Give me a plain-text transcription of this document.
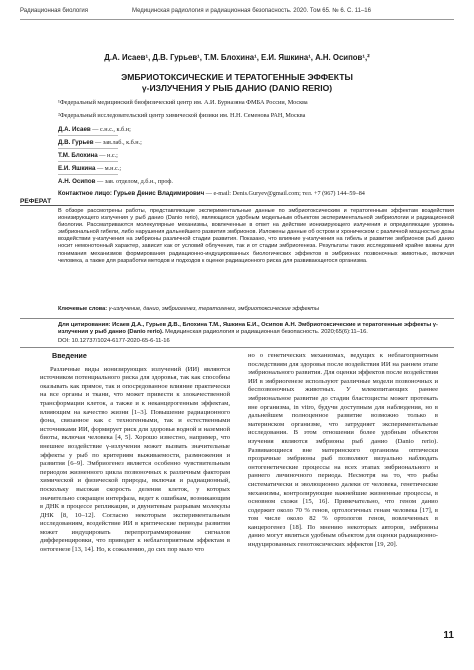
Радиационная биология	Медицинская радиология и радиационная безопасность. 2020. Том 65. № 6. С. 11–16
Д.А. Исаев¹, Д.В. Гурьев¹, Т.М. Блохина¹, Е.И. Яшкина¹, А.Н. Осипов¹,²
ЭМБРИОТОКСИЧЕСКИЕ И ТЕРАТОГЕННЫЕ ЭФФЕКТЫ
γ-ИЗЛУЧЕНИЯ У РЫБ ДАНИО (DANIO RERIO)
¹Федеральный медицинский биофизический центр им. А.И. Бурназяна ФМБА России, Москва
²Федеральный исследовательский центр химической физики им. Н.Н. Семенова РАН, Москва
Д.А. Исаев — с.н.с., к.б.н;
Д.В. Гурьев — зав.лаб., к.б.н.;
Т.М. Блохина — н.с.;
Е.И. Яшкина — м.н.с.;
А.Н. Осипов — зав. отделом, д.б.н., проф.
Контактное лицо: Гурьев Денис Владимирович — e-mail: Denis.Guryev@gmail.com; тел. +7 (967) 144–59–84
РЕФЕРАТ
В обзоре рассмотрены работы, представляющие экспериментальные данные по эмбриотоксическим и тератогенным эффектам воздействия ионизирующего излучения у рыб данио (Danio rerio), являющихся удобным модельным объектом экспериментальной эмбриологии и радиационной биологии. Рассматриваются молекулярные механизмы, вовлеченные в ответ на действие ионизирующего излучения и определяющие уровень эмбриональной гибели, либо нарушения дальнейшего развития эмбрионов. Изложены данные об остром и хроническом с различной мощностью дозы воздействии γ-излучения на эмбрионы различной стадии развития. Показано, что влияние γ-излучения на гибель и развитие эмбрионов рыб данио носит немонотонный характер, зависит как от условий облучения, так и от стадии эмбриогенеза. Результаты таких исследований крайне важны для понимания механизмов формирования радиационно-индуцированных биологических эффектов в эмбрионах позвоночных животных, включая человека, а также для разработки методов и подходов к оценке радиационного риска для развивающегося организма.
Ключевые слова: γ-излучение, данио, эмбриогенез, тератогенез, эмбриотоксические эффекты
Для цитирования: Исаев Д.А., Гурьев Д.В., Блохина Т.М., Яшкина Е.И., Осипов А.Н. Эмбриотоксические и тератогенные эффекты γ-излучения у рыб данио (Danio rerio). Медицинская радиология и радиационная безопасность. 2020;65(6):11–16.
DOI: 10.12737/1024-6177-2020-65-6-11-16
Введение

Различные виды ионизирующих излучений (ИИ) являются источником потенциального риска для здоровья, так как способны оказывать как прямое, так и опосредованное влияние практически на все органы и ткани, что может привести к злокачественной трансформации клеток, а также и к неканцерогенным эффектам, влияющим на качество жизни [1–3]. Повышение радиационного фона, связанное как с техногенными, так и естественными источниками ИИ, формирует риск для здоровья водной и наземной биоты, включая человека [4, 5]. Хорошо известно, например, что внешнее воздействие γ-излучения может вызвать значительные эффекты у рыб по критериям выживаемости, размножения и развития [6–9]. Эмбриогенез является особенно чувствительным периодом жизненного цикла позвоночных к различным факторам химической и физической природы, включая и радиационный, поскольку высокая скорость деления клеток, у которых значительно сокращен интерфаза, ведет к ошибкам, возникающим в ДНК в процессе репликации, и двунитевым разрывам молекулы ДНК [8, 10–12]. Согласно некоторым экспериментальным исследованиям, воздействие ИИ в критические периоды развития может индуцировать перепрограммирование сигналов дифференцировки, что приводит к неблагоприятным эффектам в онтогенезе [13, 14]. Но, к сожалению, до сих пор мало что

но о генетических механизмах, ведущих к неблагоприятным последствиям для здоровья после воздействия ИИ на раннем этапе эмбрионального развития. Для оценки эффектов после воздействия ИИ в эмбриогенезе используют различные модели позвоночных и беспозвоночных животных. У млекопитающих раннее эмбриональное развитие до стадии бластоцисты может протекать вне организма, in vitro, будучи доступным для наблюдения, но в дальнейшем полноценное развитие возможно только в материнском организме, что затрудняет экспериментальные исследования. В этом отношении более удобным объектом изучения являются эмбрионы рыб данио (Danio rerio). Развивающиеся вне материнского организма оптически прозрачные эмбрионы рыб позволяют визуально наблюдать онтогенетические процессы на всех этапах эмбрионального и раннего личиночного периода. Несмотря на то, что рыбы систематически и эволюционно далеки от человека, генетические механизмы, контролирующие важнейшие жизненные процессы, в основном схожи [15, 16]. Примечательно, что геном данио содержит около 70 % генов, ортологичных генам человека [17], в том числе около 82 % ортологов генов, вовлеченных в канцерогенез [18]. По мнению некоторых авторов, эмбрионы данио могут являться удобным объектом для оценки радиационно-индуцированных генотоксических эффектов [19, 20].

11
